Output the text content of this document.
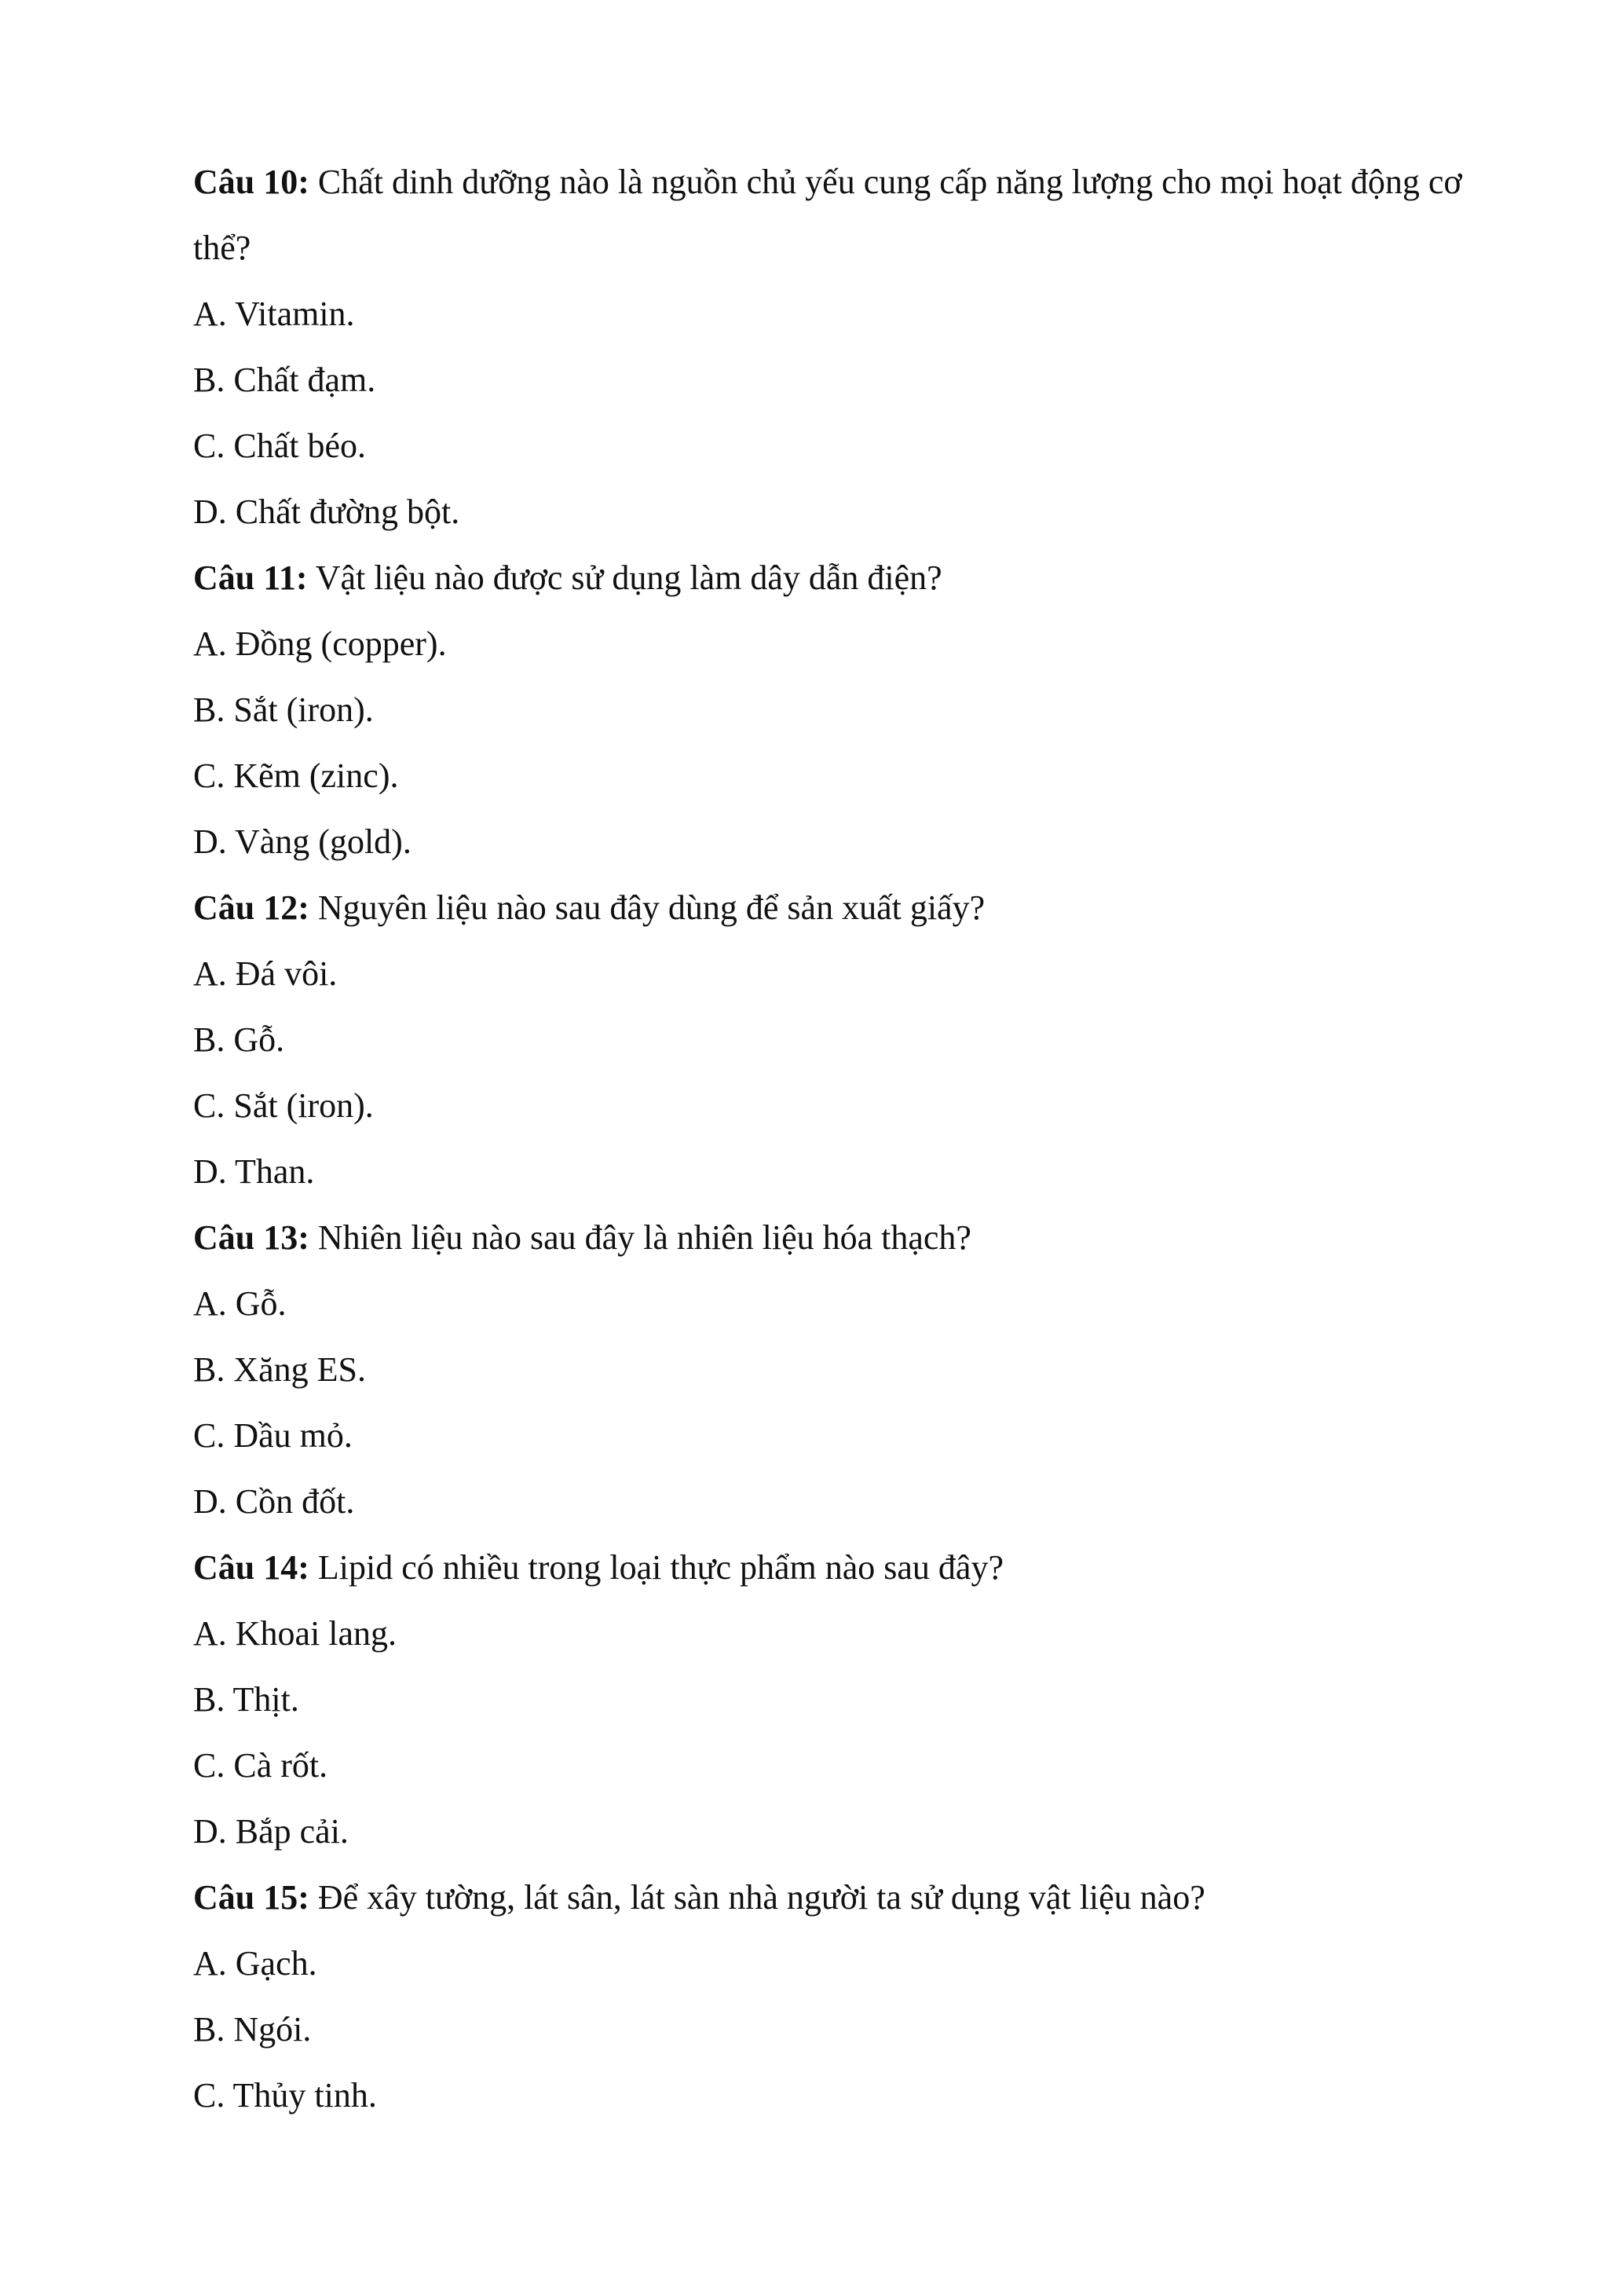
Câu 10: Chất dinh dưỡng nào là nguồn chủ yếu cung cấp năng lượng cho mọi hoạt động cơ thể?

A. Vitamin.

B. Chất đạm.

C. Chất béo.

D. Chất đường bột.

Câu 11: Vật liệu nào được sử dụng làm dây dẫn điện?

A. Đồng (copper).

B. Sắt (iron).

C. Kẽm (zinc).

D. Vàng (gold).

Câu 12: Nguyên liệu nào sau đây dùng để sản xuất giấy?

A. Đá vôi.

B. Gỗ.

C. Sắt (iron).

D. Than.

Câu 13: Nhiên liệu nào sau đây là nhiên liệu hóa thạch?

A. Gỗ.

B. Xăng ES.

C. Dầu mỏ.

D. Cồn đốt.

Câu 14: Lipid có nhiều trong loại thực phẩm nào sau đây?

A. Khoai lang.

B. Thịt.

C. Cà rốt.

D. Bắp cải.

Câu 15: Để xây tường, lát sân, lát sàn nhà người ta sử dụng vật liệu nào?

A. Gạch.

B. Ngói.

C. Thủy tinh.
